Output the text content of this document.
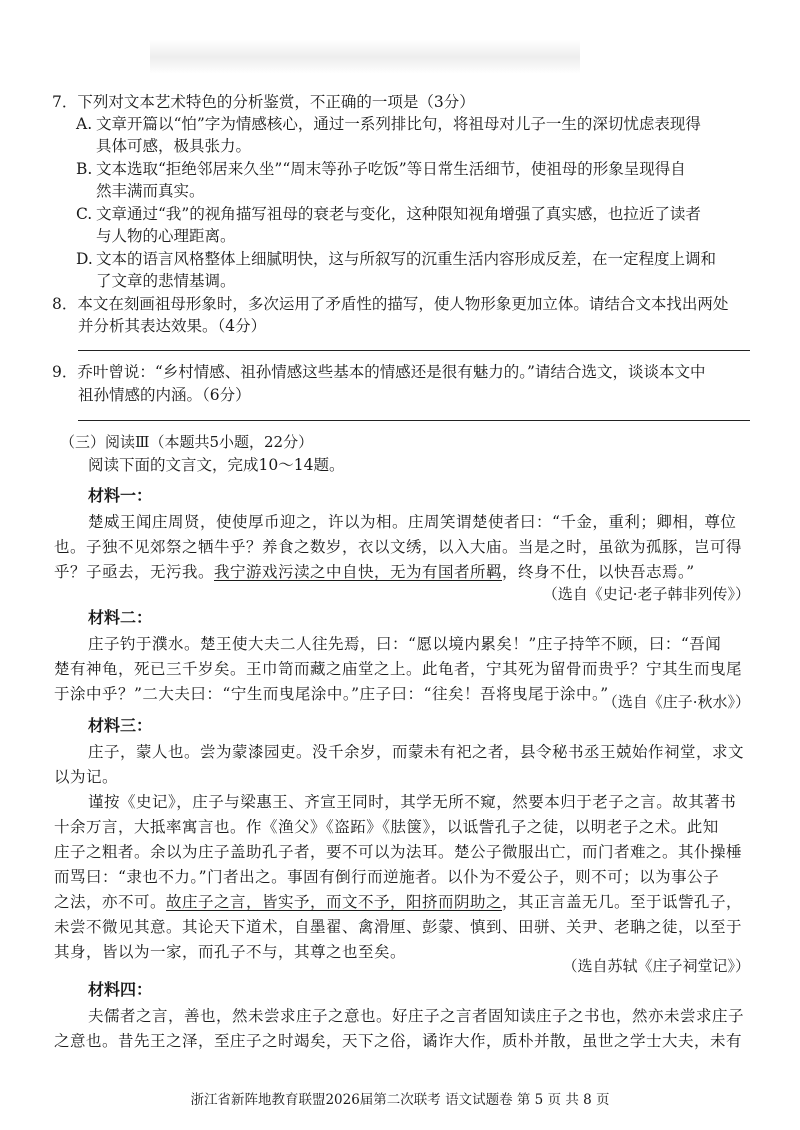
7．下列对文本艺术特色的分析鉴赏，不正确的一项是（3分）
A. 文章开篇以“怕”字为情感核心，通过一系列排比句，将祖母对儿子一生的深切忧虑表现得
具体可感，极具张力。
B. 文本选取“拒绝邻居来久坐”“周末等孙子吃饭”等日常生活细节，使祖母的形象呈现得自
然丰满而真实。
C. 文章通过“我”的视角描写祖母的衰老与变化，这种限知视角增强了真实感，也拉近了读者
与人物的心理距离。
D. 文本的语言风格整体上细腻明快，这与所叙写的沉重生活内容形成反差，在一定程度上调和
了文章的悲情基调。
8．本文在刻画祖母形象时，多次运用了矛盾性的描写，使人物形象更加立体。请结合文本找出两处
并分析其表达效果。（4分）
9．乔叶曾说：“乡村情感、祖孙情感这些基本的情感还是很有魅力的。”请结合选文，谈谈本文中
祖孙情感的内涵。（6分）
（三）阅读Ⅲ（本题共5小题，22分）
阅读下面的文言文，完成10～14题。
材料一：
楚威王闻庄周贤，使使厚币迎之，许以为相。庄周笑谓楚使者曰：“千金，重利；卿相，尊位
也。子独不见郊祭之牺牛乎？养食之数岁，衣以文绣，以入大庙。当是之时，虽欲为孤豚，岂可得
乎？子亟去，无污我。我宁游戏污渎之中自快，无为有国者所羁，终身不仕，以快吾志焉。”
（选自《史记·老子韩非列传》）
材料二：
庄子钓于濮水。楚王使大夫二人往先焉，曰：“愿以境内累矣！”庄子持竿不顾，曰：“吾闻
楚有神龟，死已三千岁矣。王巾笥而藏之庙堂之上。此龟者，宁其死为留骨而贵乎？宁其生而曳尾
于涂中乎？”二大夫曰：“宁生而曳尾涂中。”庄子曰：“往矣！吾将曳尾于涂中。”
（选自《庄子·秋水》）
材料三：
庄子，蒙人也。尝为蒙漆园吏。没千余岁，而蒙未有祀之者，县令秘书丞王兢始作祠堂，求文
以为记。
谨按《史记》，庄子与梁惠王、齐宣王同时，其学无所不窥，然要本归于老子之言。故其著书
十余万言，大抵率寓言也。作《渔父》《盗跖》《胠箧》，以诋訾孔子之徒，以明老子之术。此知
庄子之粗者。余以为庄子盖助孔子者，要不可以为法耳。楚公子微服出亡，而门者难之。其仆操棰
而骂曰：“隶也不力。”门者出之。事固有倒行而逆施者。以仆为不爱公子，则不可；以为事公子
之法，亦不可。故庄子之言，皆实予，而文不予，阳挤而阴助之，其正言盖无几。至于诋訾孔子，
未尝不微见其意。其论天下道术，自墨翟、禽滑厘、彭蒙、慎到、田骈、关尹、老聃之徒，以至于
其身，皆以为一家，而孔子不与，其尊之也至矣。
（选自苏轼《庄子祠堂记》）
材料四：
夫儒者之言，善也，然未尝求庄子之意也。好庄子之言者固知读庄子之书也，然亦未尝求庄子
之意也。昔先王之泽，至庄子之时竭矣，天下之俗，谲诈大作，质朴并散，虽世之学士大夫，未有
浙江省新阵地教育联盟2026届第二次联考 语文试题卷 第 5 页 共 8 页
